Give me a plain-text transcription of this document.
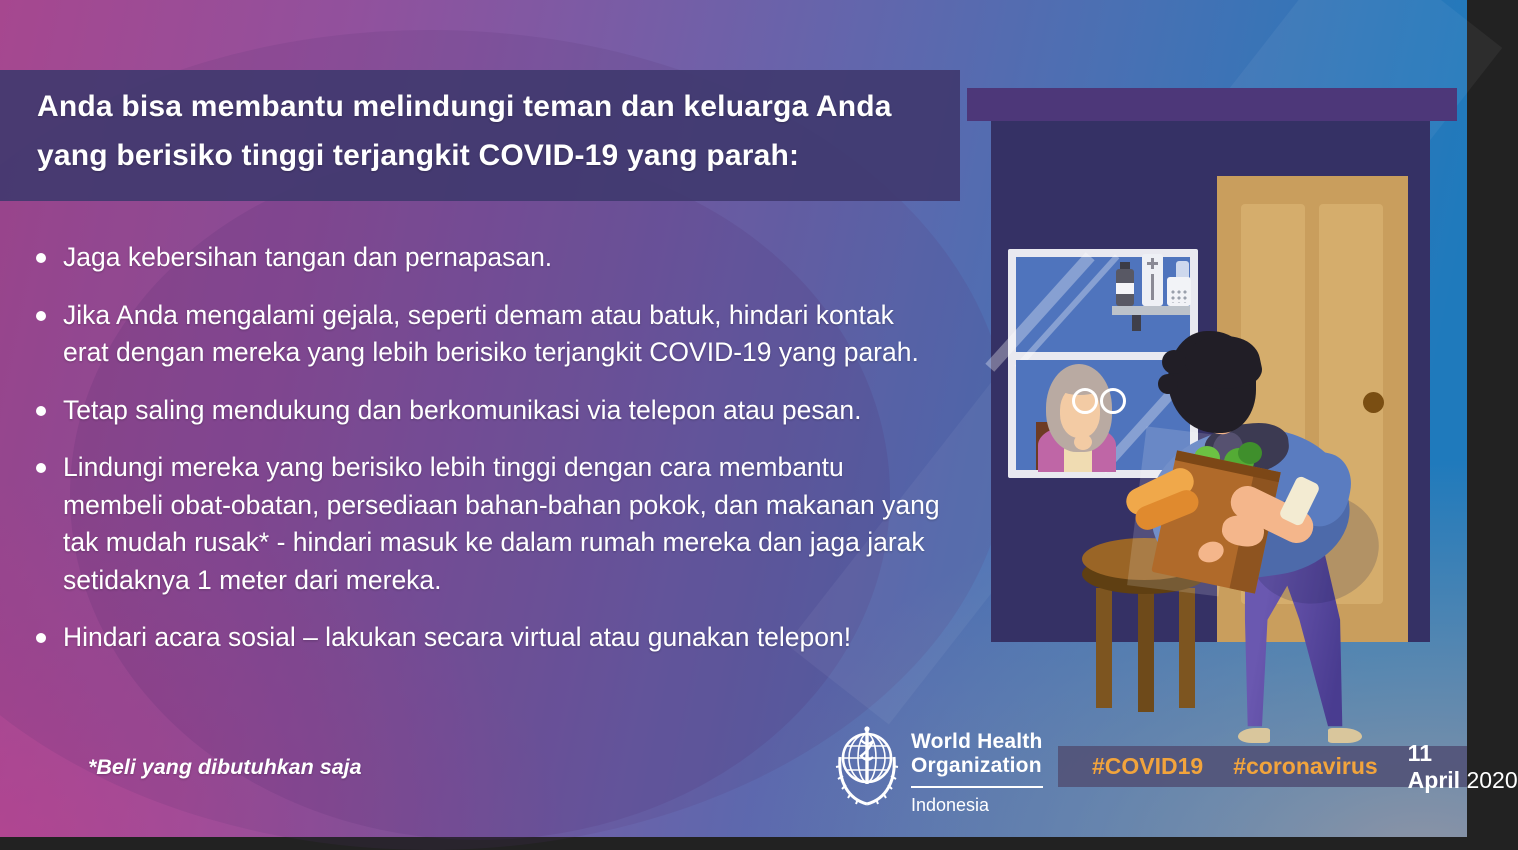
Anda bisa membantu melindungi teman dan keluarga Anda yang berisiko tinggi terjangkit COVID-19 yang parah:
Jaga kebersihan tangan dan pernapasan.
Jika Anda mengalami gejala, seperti demam atau batuk, hindari kontak erat dengan mereka yang lebih berisiko terjangkit COVID-19 yang parah.
Tetap saling mendukung dan berkomunikasi via telepon atau pesan.
Lindungi mereka yang berisiko lebih tinggi dengan cara membantu membeli obat-obatan, persediaan bahan-bahan pokok, dan makanan yang tak mudah rusak* - hindari masuk ke dalam rumah mereka dan jaga jarak setidaknya 1 meter dari mereka.
Hindari acara sosial – lakukan secara virtual atau gunakan telepon!
*Beli yang dibutuhkan saja
World Health
Organization
Indonesia
#COVID19 #coronavirus
11 April 2020
